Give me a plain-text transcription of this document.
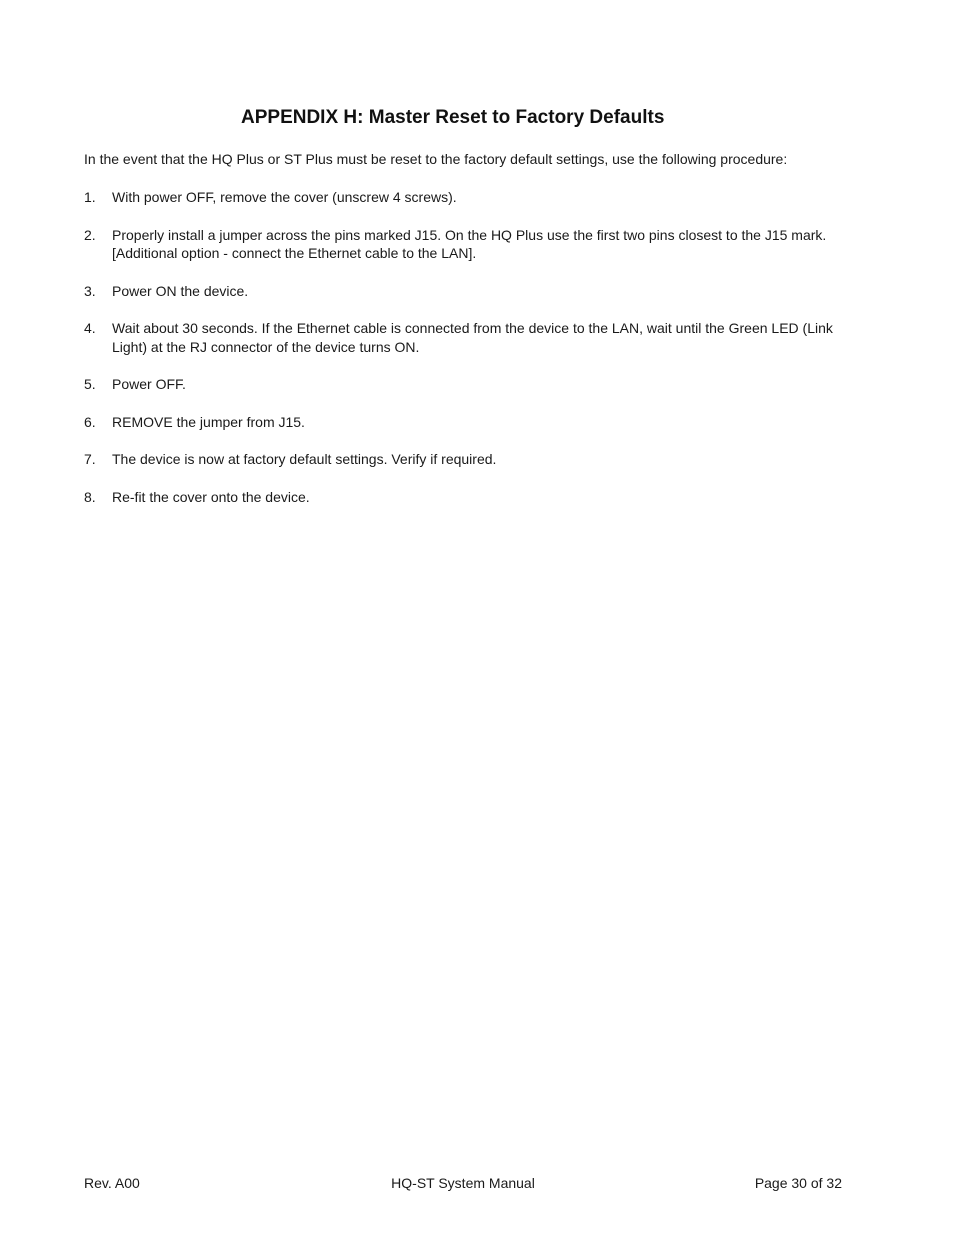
APPENDIX H: Master Reset to Factory Defaults

In the event that the HQ Plus or ST Plus must be reset to the factory default settings, use the following procedure:

1. With power OFF, remove the cover (unscrew 4 screws).
2. Properly install a jumper across the pins marked J15. On the HQ Plus use the first two pins closest to the J15 mark. [Additional option - connect the Ethernet cable to the LAN].
3. Power ON the device.
4. Wait about 30 seconds. If the Ethernet cable is connected from the device to the LAN, wait until the Green LED (Link Light) at the RJ connector of the device turns ON.
5. Power OFF.
6. REMOVE the jumper from J15.
7. The device is now at factory default settings. Verify if required.
8. Re-fit the cover onto the device.
Rev. A00	HQ-ST System Manual	Page 30 of 32
